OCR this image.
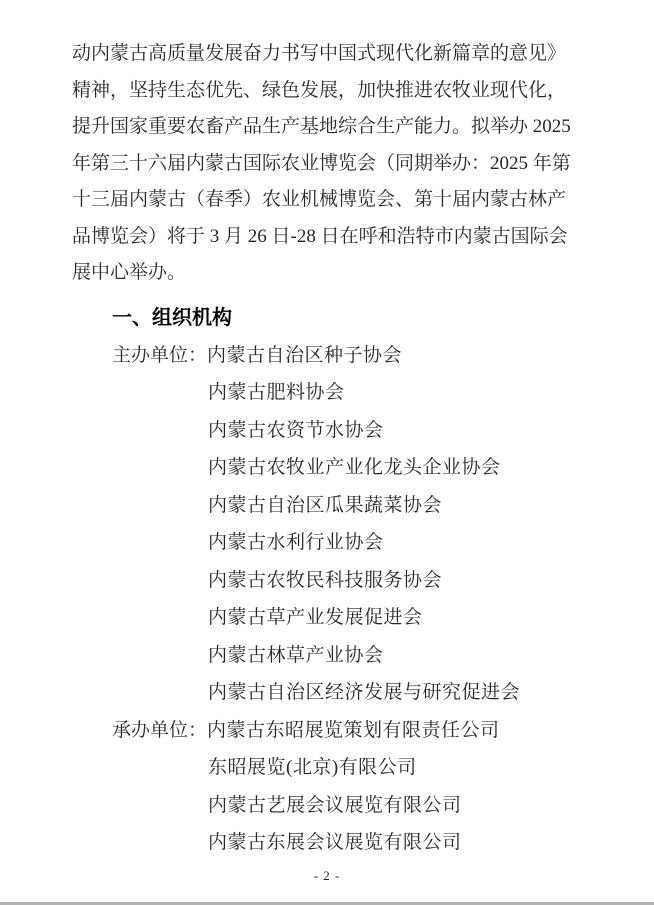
动内蒙古高质量发展奋力书写中国式现代化新篇章的意见》
精神，坚持生态优先、绿色发展，加快推进农牧业现代化，
提升国家重要农畜产品生产基地综合生产能力。拟举办 2025
年第三十六届内蒙古国际农业博览会（同期举办：2025 年第
十三届内蒙古（春季）农业机械博览会、第十届内蒙古林产
品博览会）将于 3 月 26 日-28 日在呼和浩特市内蒙古国际会
展中心举办。
一、组织机构
主办单位：内蒙古自治区种子协会
内蒙古肥料协会
内蒙古农资节水协会
内蒙古农牧业产业化龙头企业协会
内蒙古自治区瓜果蔬菜协会
内蒙古水利行业协会
内蒙古农牧民科技服务协会
内蒙古草产业发展促进会
内蒙古林草产业协会
内蒙古自治区经济发展与研究促进会
承办单位：内蒙古东昭展览策划有限责任公司
东昭展览(北京)有限公司
内蒙古艺展会议展览有限公司
内蒙古东展会议展览有限公司
- 2 -
